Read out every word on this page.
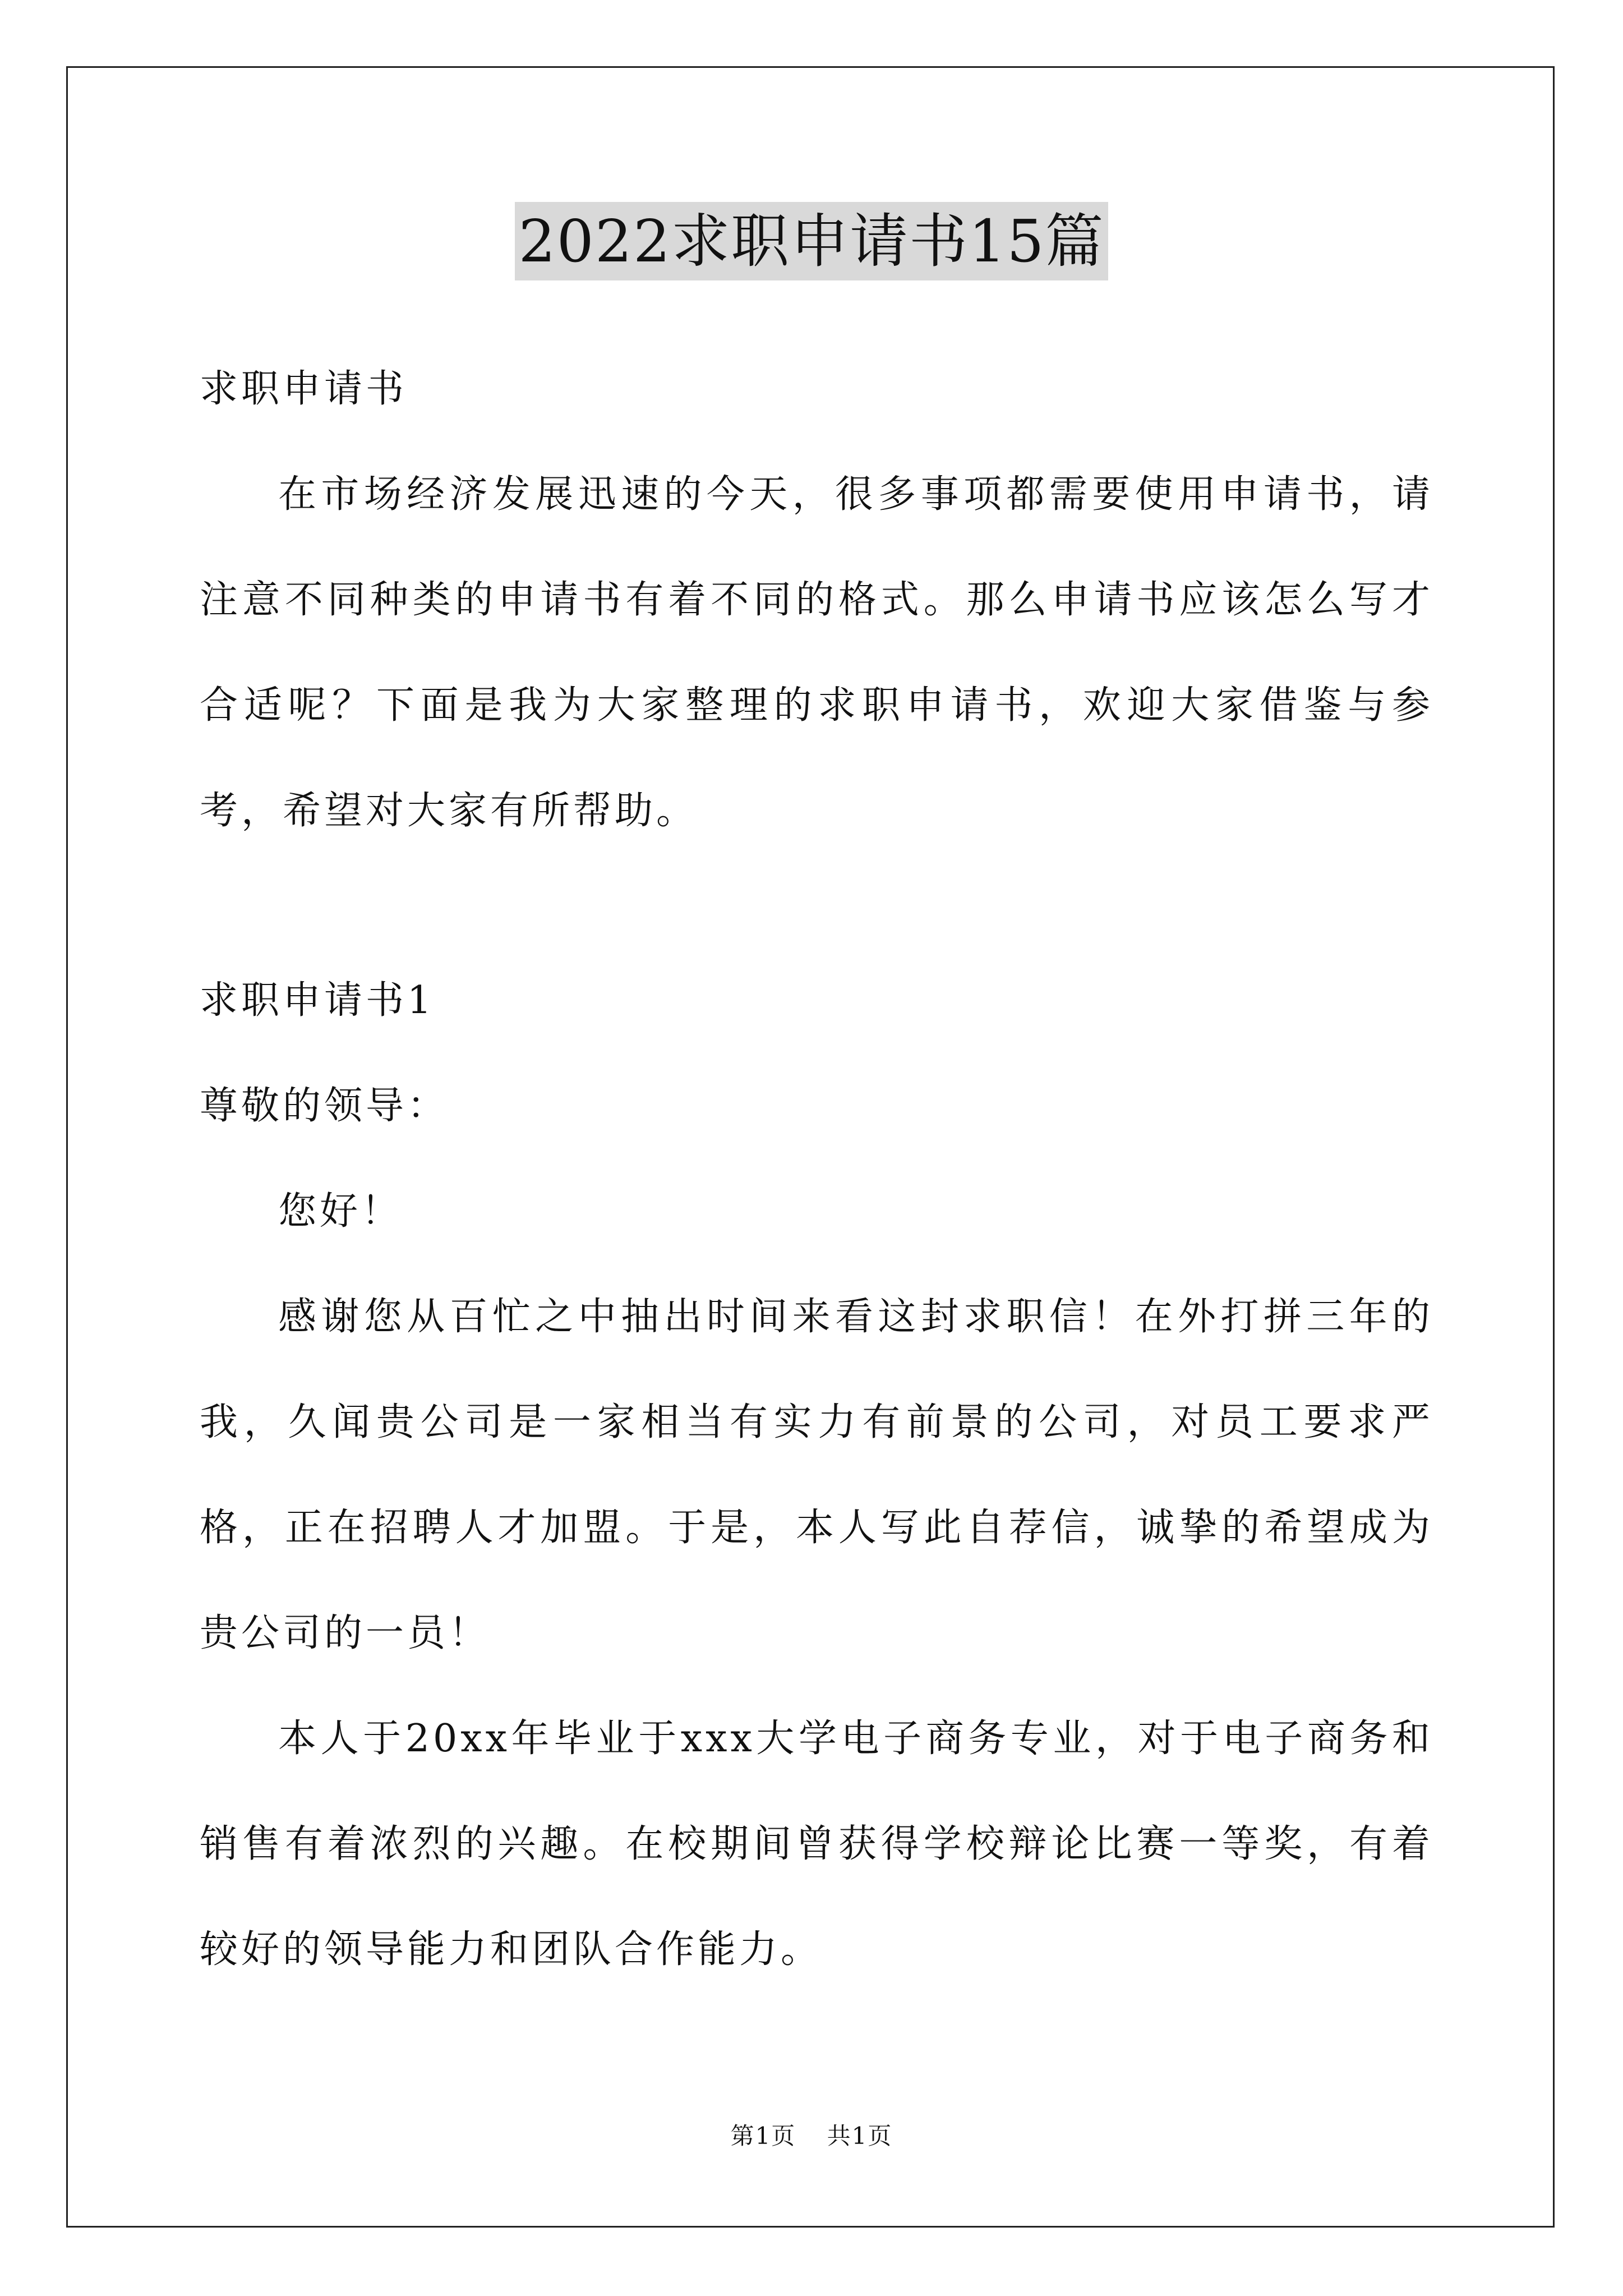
2022求职申请书15篇

求职申请书

在市场经济发展迅速的今天，很多事项都需要使用申请书，请注意不同种类的申请书有着不同的格式。那么申请书应该怎么写才合适呢？下面是我为大家整理的求职申请书，欢迎大家借鉴与参考，希望对大家有所帮助。

求职申请书1

尊敬的领导：

您好！

感谢您从百忙之中抽出时间来看这封求职信！在外打拼三年的我，久闻贵公司是一家相当有实力有前景的公司，对员工要求严格，正在招聘人才加盟。于是，本人写此自荐信，诚挚的希望成为贵公司的一员！

本人于20xx年毕业于xxx大学电子商务专业，对于电子商务和销售有着浓烈的兴趣。在校期间曾获得学校辩论比赛一等奖，有着较好的领导能力和团队合作能力。

第1页 共1页
